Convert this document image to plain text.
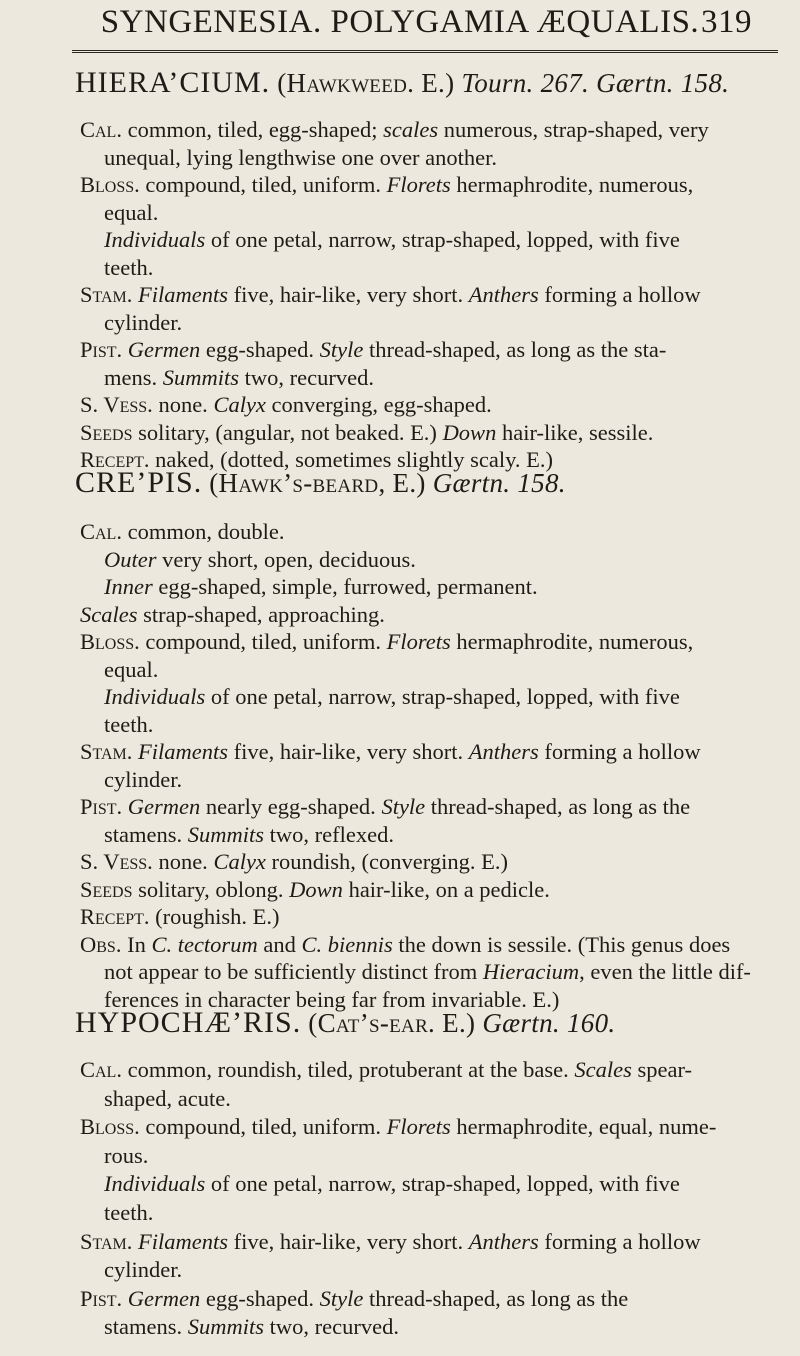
SYNGENESIA. POLYGAMIA ÆQUALIS. 319
HIERA’CIUM. (Hawkweed. E.) Tourn. 267. Gærtn. 158.
Cal. common, tiled, egg-shaped; scales numerous, strap-shaped, very
unequal, lying lengthwise one over another.
Bloss. compound, tiled, uniform. Florets hermaphrodite, numerous,
equal.
Individuals of one petal, narrow, strap-shaped, lopped, with five
teeth.
Stam. Filaments five, hair-like, very short. Anthers forming a hollow
cylinder.
Pist. Germen egg-shaped. Style thread-shaped, as long as the sta-
mens. Summits two, recurved.
S. Vess. none. Calyx converging, egg-shaped.
Seeds solitary, (angular, not beaked. E.) Down hair-like, sessile.
Recept. naked, (dotted, sometimes slightly scaly. E.)
CRE’PIS. (Hawk’s-beard, E.) Gærtn. 158.
Cal. common, double.
Outer very short, open, deciduous.
Inner egg-shaped, simple, furrowed, permanent.
Scales strap-shaped, approaching.
Bloss. compound, tiled, uniform. Florets hermaphrodite, numerous,
equal.
Individuals of one petal, narrow, strap-shaped, lopped, with five
teeth.
Stam. Filaments five, hair-like, very short. Anthers forming a hollow
cylinder.
Pist. Germen nearly egg-shaped. Style thread-shaped, as long as the
stamens. Summits two, reflexed.
S. Vess. none. Calyx roundish, (converging. E.)
Seeds solitary, oblong. Down hair-like, on a pedicle.
Recept. (roughish. E.)
Obs. In C. tectorum and C. biennis the down is sessile. (This genus does
not appear to be sufficiently distinct from Hieracium, even the little dif-
ferences in character being far from invariable. E.)
HYPOCHÆ’RIS. (Cat’s-ear. E.) Gærtn. 160.
Cal. common, roundish, tiled, protuberant at the base. Scales spear-
shaped, acute.
Bloss. compound, tiled, uniform. Florets hermaphrodite, equal, nume-
rous.
Individuals of one petal, narrow, strap-shaped, lopped, with five
teeth.
Stam. Filaments five, hair-like, very short. Anthers forming a hollow
cylinder.
Pist. Germen egg-shaped. Style thread-shaped, as long as the
stamens. Summits two, recurved.
